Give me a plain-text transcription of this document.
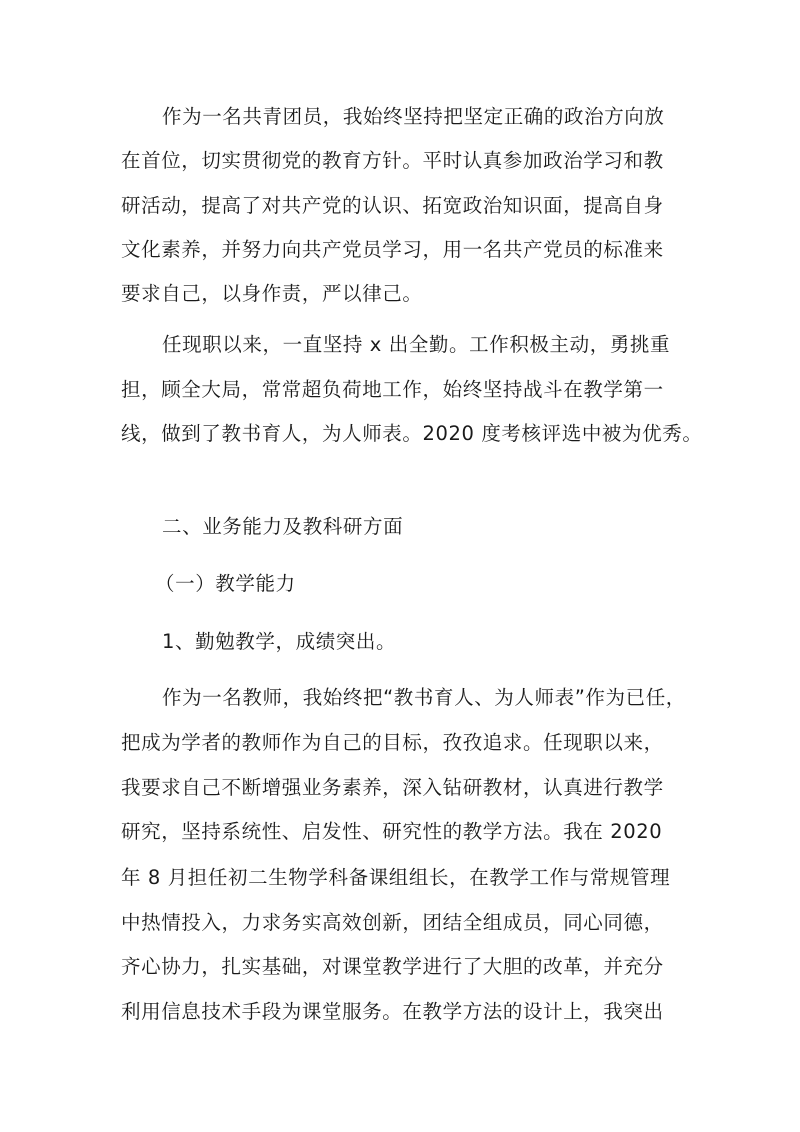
作为一名共青团员，我始终坚持把坚定正确的政治方向放
在首位，切实贯彻党的教育方针。平时认真参加政治学习和教
研活动，提高了对共产党的认识、拓宽政治知识面，提高自身
文化素养，并努力向共产党员学习，用一名共产党员的标准来
要求自己，以身作责，严以律己。
任现职以来，一直坚持 x 出全勤。工作积极主动，勇挑重
担，顾全大局，常常超负荷地工作，始终坚持战斗在教学第一
线，做到了教书育人，为人师表。2020 度考核评选中被为优秀。
二、业务能力及教科研方面
（一）教学能力
1、勤勉教学，成绩突出。
作为一名教师，我始终把“教书育人、为人师表”作为已任，
把成为学者的教师作为自己的目标，孜孜追求。任现职以来，
我要求自己不断增强业务素养，深入钻研教材，认真进行教学
研究，坚持系统性、启发性、研究性的教学方法。我在 2020
年 8 月担任初二生物学科备课组组长，在教学工作与常规管理
中热情投入，力求务实高效创新，团结全组成员，同心同德，
齐心协力，扎实基础，对课堂教学进行了大胆的改革，并充分
利用信息技术手段为课堂服务。在教学方法的设计上，我突出
